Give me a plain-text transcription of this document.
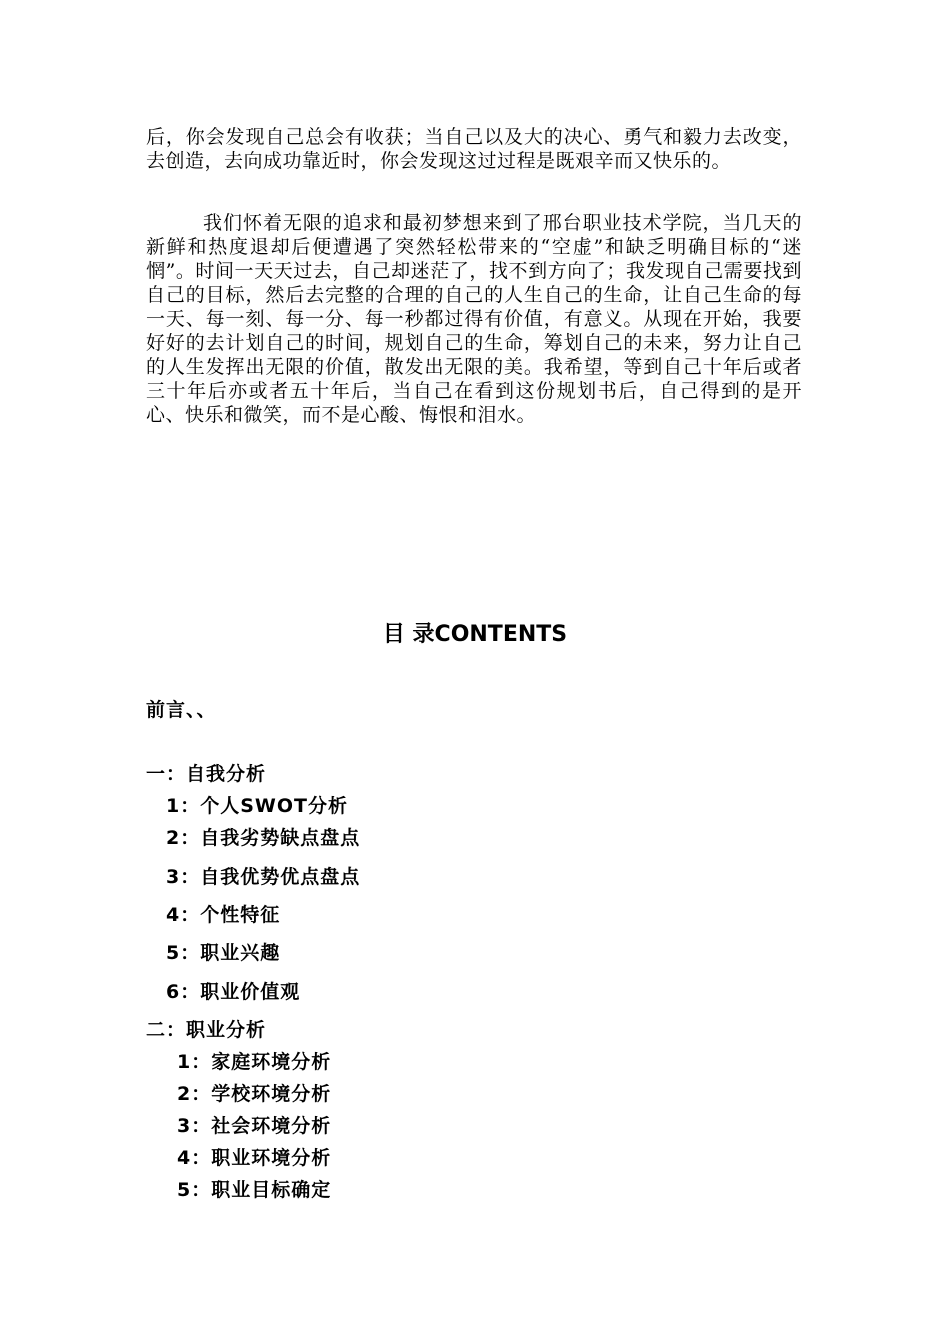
后，你会发现自己总会有收获；当自己以及大的决心、勇气和毅力去改变，去创造，去向成功靠近时，你会发现这过过程是既艰辛而又快乐的。

我们怀着无限的追求和最初梦想来到了邢台职业技术学院，当几天的新鲜和热度退却后便遭遇了突然轻松带来的“空虚”和缺乏明确目标的“迷惘”。时间一天天过去，自己却迷茫了，找不到方向了；我发现自己需要找到自己的目标，然后去完整的合理的自己的人生自己的生命，让自己生命的每一天、每一刻、每一分、每一秒都过得有价值，有意义。从现在开始，我要好好的去计划自己的时间，规划自己的生命，筹划自己的未来，努力让自己的人生发挥出无限的价值，散发出无限的美。我希望，等到自己十年后或者三十年后亦或者五十年后，当自己在看到这份规划书后，自己得到的是开心、快乐和微笑，而不是心酸、悔恨和泪水。

目 录CONTENTS
前言、、
一：自我分析
1：个人SWOT分析
2：自我劣势缺点盘点
3：自我优势优点盘点
4：个性特征
5：职业兴趣
6：职业价值观
二：职业分析
1：家庭环境分析
2：学校环境分析
3：社会环境分析
4：职业环境分析
5：职业目标确定
